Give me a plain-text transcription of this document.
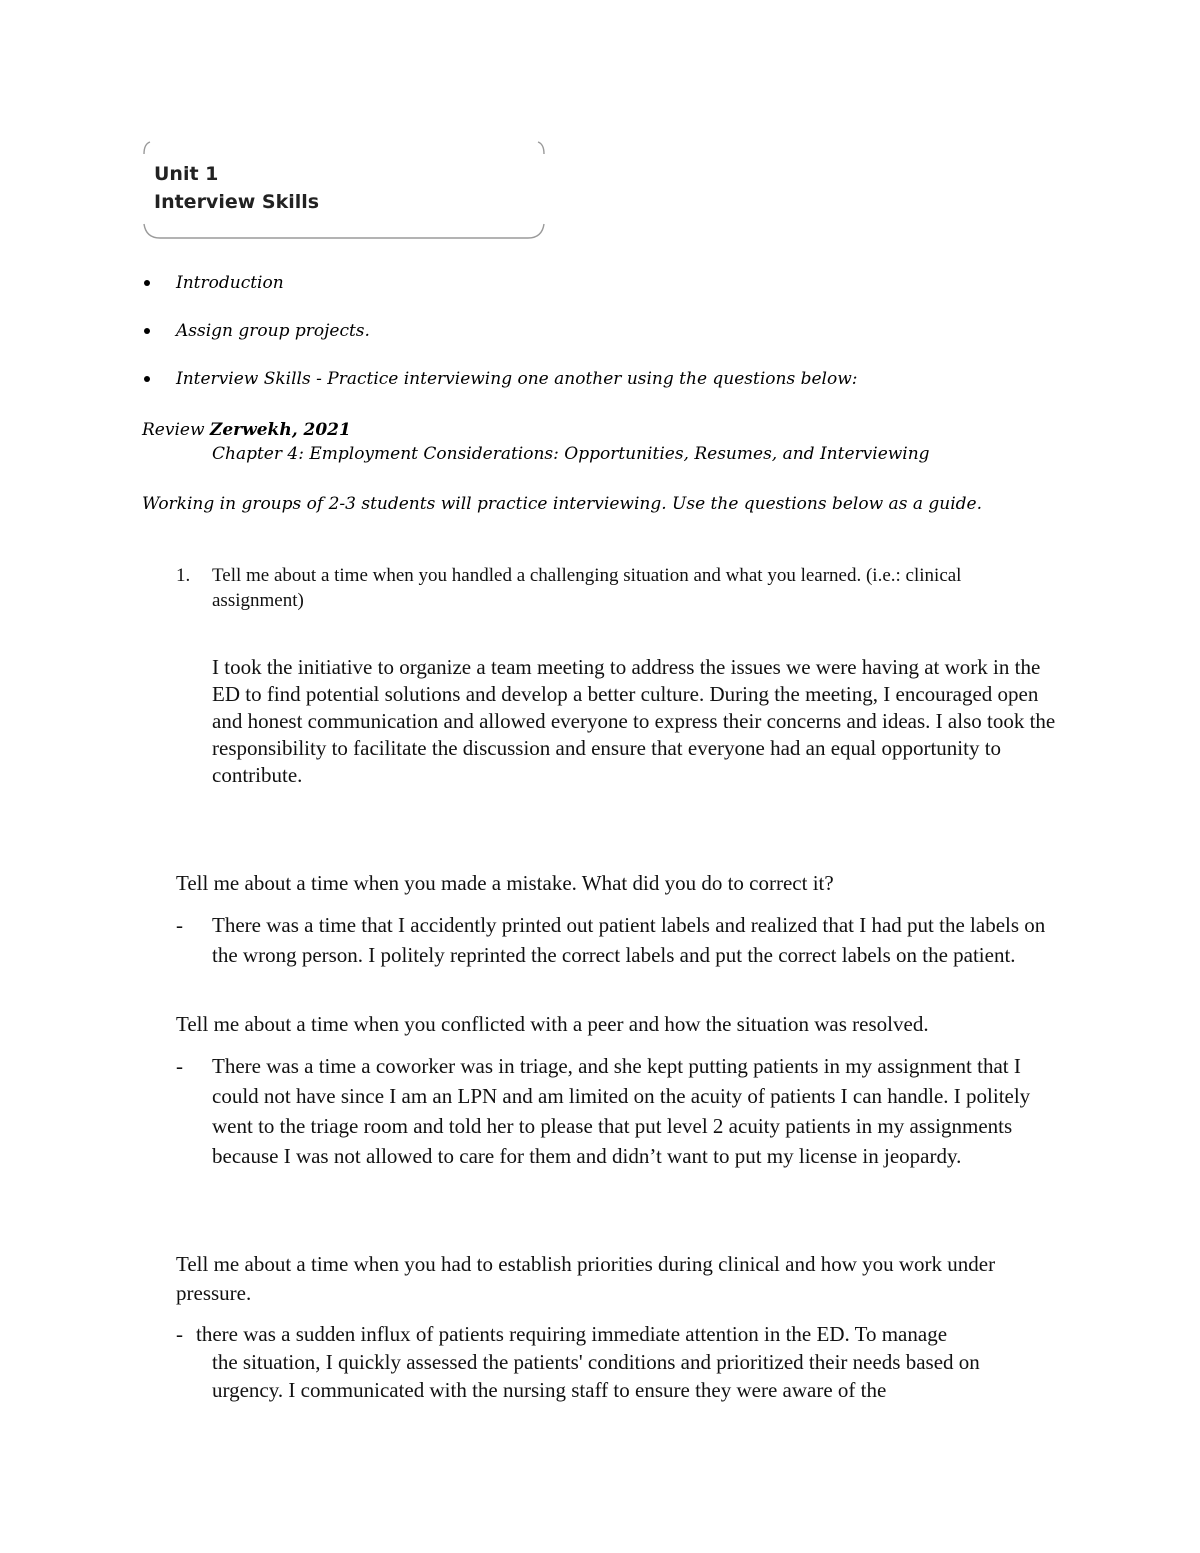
Unit 1
Interview Skills
Introduction
Assign group projects.
Interview Skills - Practice interviewing one another using the questions below:
Review Zerwekh, 2021
Chapter 4: Employment Considerations: Opportunities, Resumes, and Interviewing
Working in groups of 2-3 students will practice interviewing. Use the questions below as a guide.
1. Tell me about a time when you handled a challenging situation and what you learned. (i.e.: clinical assignment)
I took the initiative to organize a team meeting to address the issues we were having at work in the ED to find potential solutions and develop a better culture. During the meeting, I encouraged open and honest communication and allowed everyone to express their concerns and ideas. I also took the responsibility to facilitate the discussion and ensure that everyone had an equal opportunity to contribute.
Tell me about a time when you made a mistake. What did you do to correct it?
- There was a time that I accidently printed out patient labels and realized that I had put the labels on the wrong person. I politely reprinted the correct labels and put the correct labels on the patient.
Tell me about a time when you conflicted with a peer and how the situation was resolved.
- There was a time a coworker was in triage, and she kept putting patients in my assignment that I could not have since I am an LPN and am limited on the acuity of patients I can handle. I politely went to the triage room and told her to please that put level 2 acuity patients in my assignments because I was not allowed to care for them and didn’t want to put my license in jeopardy.
Tell me about a time when you had to establish priorities during clinical and how you work under pressure.
- there was a sudden influx of patients requiring immediate attention in the ED. To manage
the situation, I quickly assessed the patients' conditions and prioritized their needs based on urgency. I communicated with the nursing staff to ensure they were aware of the
